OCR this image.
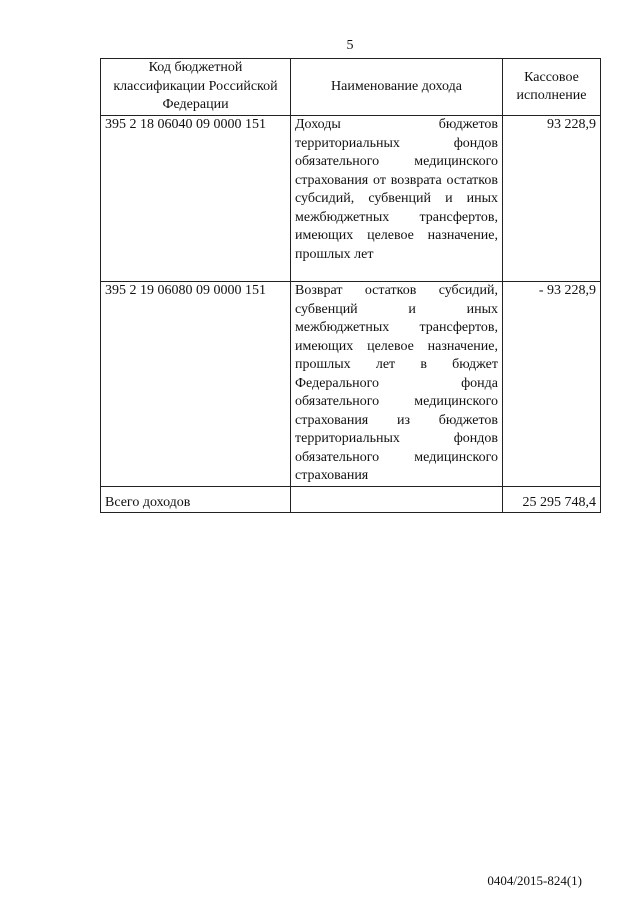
5
Код бюджетной классификации Российской Федерации	Наименование дохода	Кассовое исполнение
395 2 18 06040 09 0000 151	Доходы бюджетов территориальных фондов обязательного медицинского страхования от возврата остатков субсидий, субвенций и иных межбюджетных трансфертов, имеющих целевое назначение, прошлых лет	93 228,9
395 2 19 06080 09 0000 151	Возврат остатков субсидий, субвенций и иных межбюджетных трансфертов, имеющих целевое назначение, прошлых лет в бюджет Федерального фонда обязательного медицинского страхования из бюджетов территориальных фондов обязательного медицинского страхования	- 93 228,9
Всего доходов		25 295 748,4
0404/2015-824(1)
